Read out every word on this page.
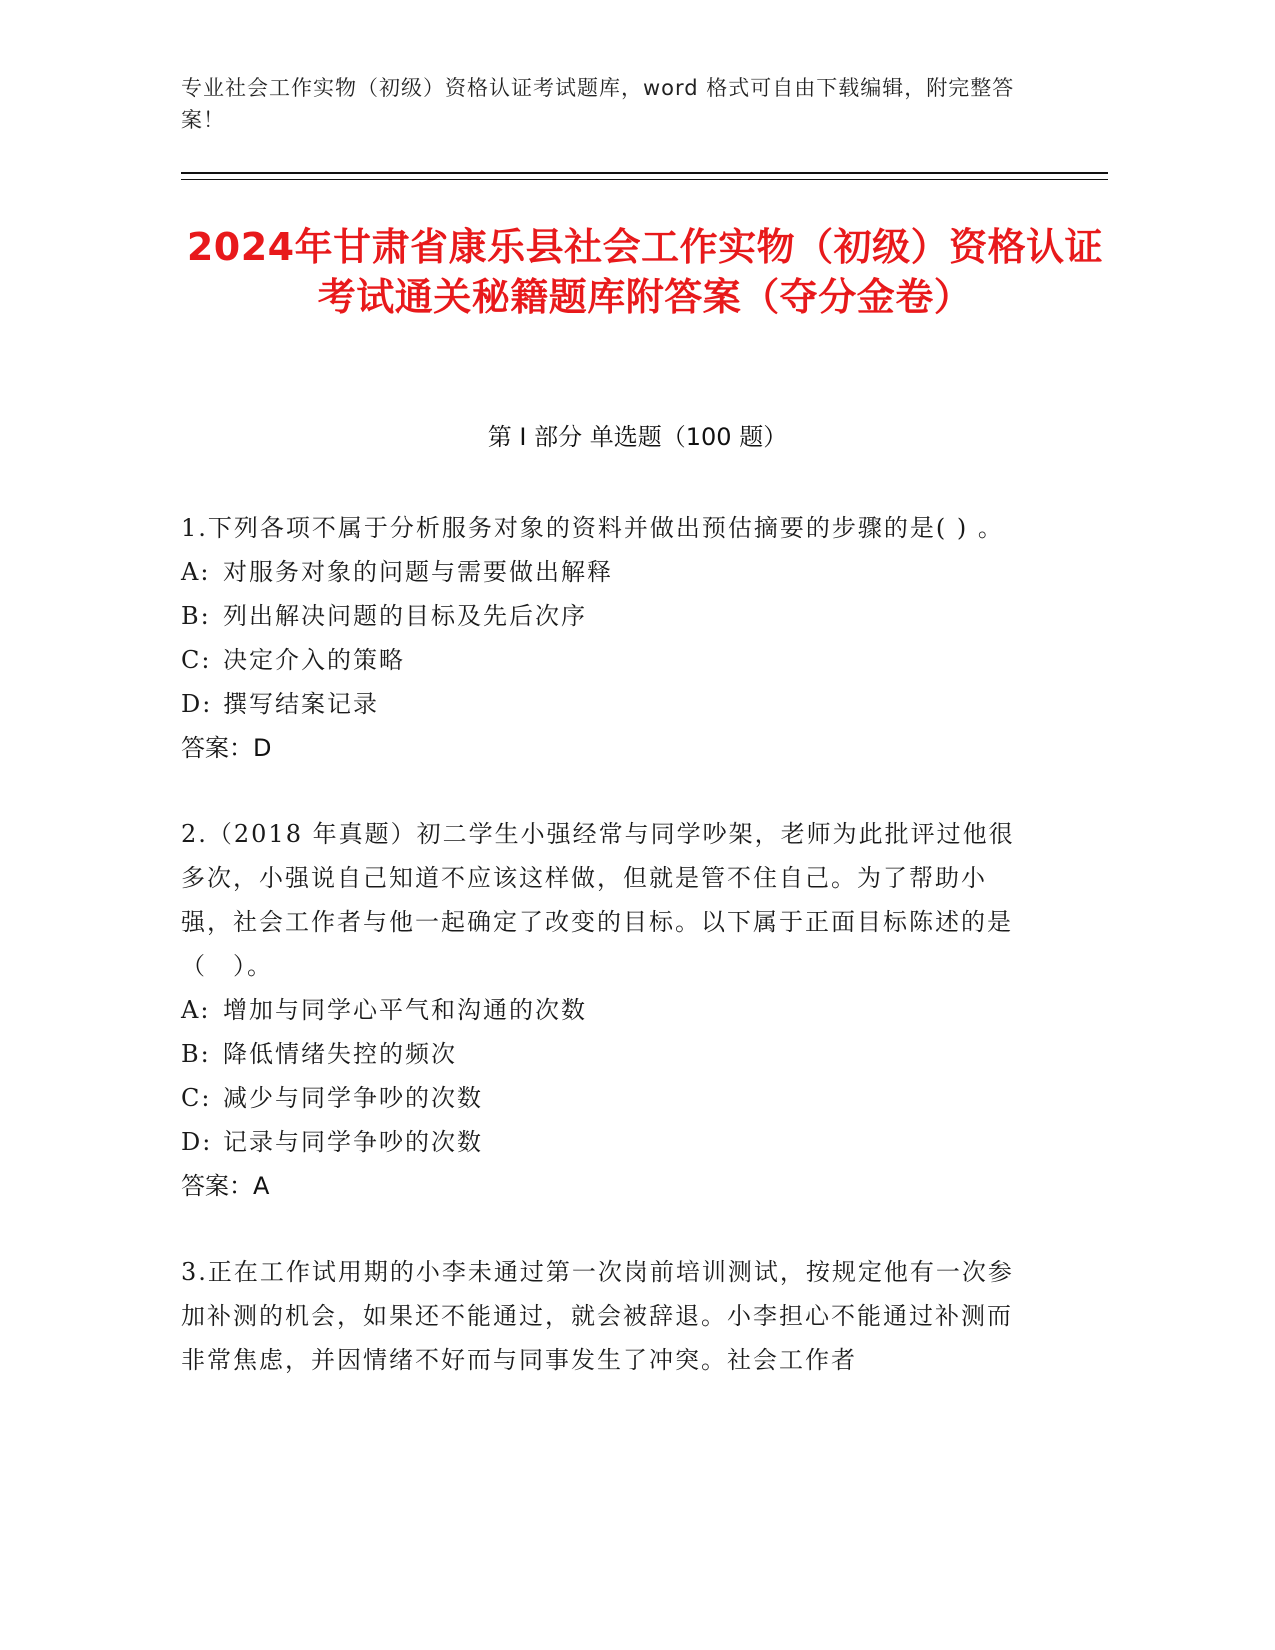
专业社会工作实物（初级）资格认证考试题库，word 格式可自由下载编辑，附完整答案！
2024年甘肃省康乐县社会工作实物（初级）资格认证考试通关秘籍题库附答案（夺分金卷）
第 I 部分 单选题（100 题）
1.下列各项不属于分析服务对象的资料并做出预估摘要的步骤的是( ) 。
A: 对服务对象的问题与需要做出解释
B: 列出解决问题的目标及先后次序
C: 决定介入的策略
D: 撰写结案记录
答案：D
2.（2018 年真题）初二学生小强经常与同学吵架，老师为此批评过他很多次，小强说自己知道不应该这样做，但就是管不住自己。为了帮助小强，社会工作者与他一起确定了改变的目标。以下属于正面目标陈述的是（　）。
A: 增加与同学心平气和沟通的次数
B: 降低情绪失控的频次
C: 减少与同学争吵的次数
D: 记录与同学争吵的次数
答案：A
3.正在工作试用期的小李未通过第一次岗前培训测试，按规定他有一次参加补测的机会，如果还不能通过，就会被辞退。小李担心不能通过补测而非常焦虑，并因情绪不好而与同事发生了冲突。社会工作者
